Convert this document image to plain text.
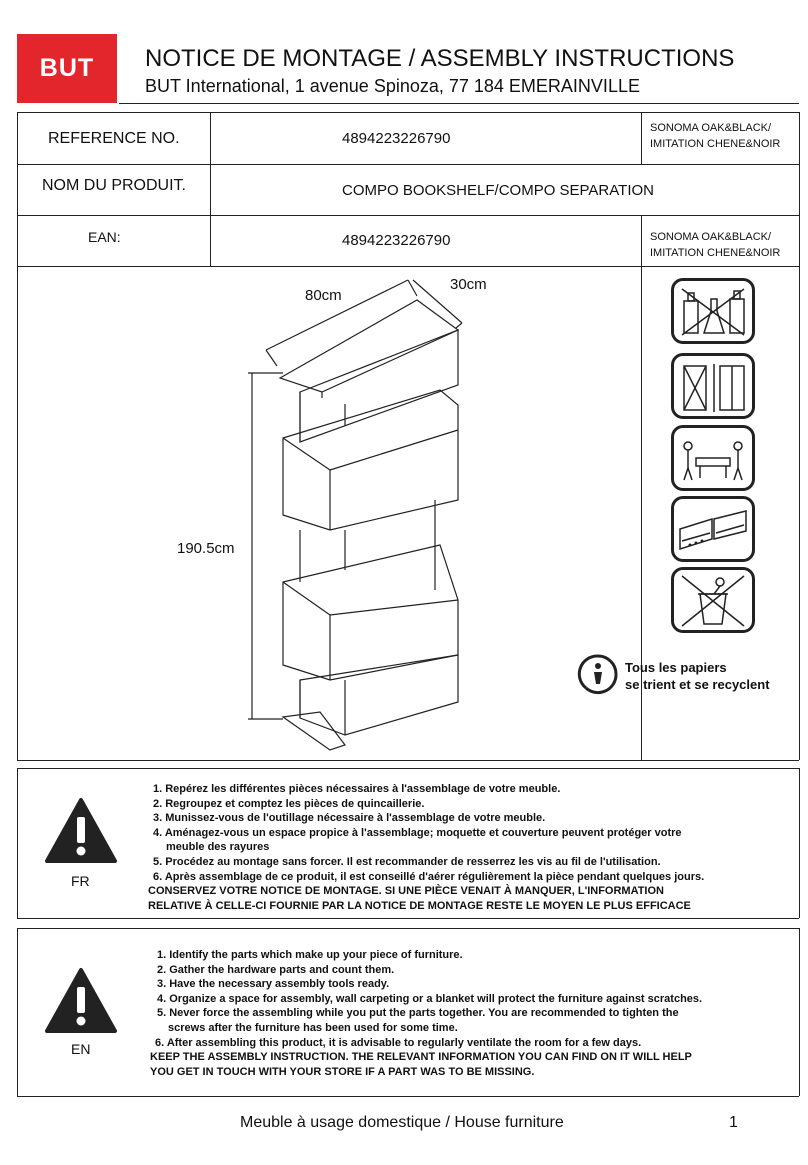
BUT NOTICE DE MONTAGE / ASSEMBLY INSTRUCTIONS
BUT International, 1 avenue Spinoza, 77 184 EMERAINVILLE
REFERENCE NO.	4894223226790
SONOMA OAK&BLACK/
IMITATION CHENE&NOIR
NOM DU PRODUIT.	COMPO BOOKSHELF/COMPO SEPARATION
EAN:	4894223226790	SONOMA OAK&BLACK/
IMITATION CHENE&NOIR
80cm
30cm
190.5cm
Tous les papiers
se trient et se recyclent
FR
1. Repérez les différentes pièces nécessaires à l'assemblage de votre meuble.
2. Regroupez et comptez les pièces de quincaillerie.
3. Munissez-vous de l'outillage nécessaire à l'assemblage de votre meuble.
4. Aménagez-vous un espace propice à l'assemblage; moquette et couverture peuvent protéger votre
meuble des rayures
5. Procédez au montage sans forcer. Il est recommander de resserrez les vis au fil de l'utilisation.
6. Après assemblage de ce produit, il est conseillé d'aérer régulièrement la pièce pendant quelques jours.
CONSERVEZ VOTRE NOTICE DE MONTAGE. SI UNE PIÈCE VENAIT À MANQUER, L'INFORMATION
RELATIVE À CELLE-CI FOURNIE PAR LA NOTICE DE MONTAGE RESTE LE MOYEN LE PLUS EFFICACE
EN
1. Identify the parts which make up your piece of furniture.
2. Gather the hardware parts and count them.
3. Have the necessary assembly tools ready.
4. Organize a space for assembly, wall carpeting or a blanket will protect the furniture against scratches.
5. Never force the assembling while you put the parts together. You are recommended to tighten the
screws after the furniture has been used for some time.
6. After assembling this product, it is advisable to regularly ventilate the room for a few days.
KEEP THE ASSEMBLY INSTRUCTION. THE RELEVANT INFORMATION YOU CAN FIND ON IT WILL HELP
YOU GET IN TOUCH WITH YOUR STORE IF A PART WAS TO BE MISSING.
Meuble à usage domestique / House furniture	1
